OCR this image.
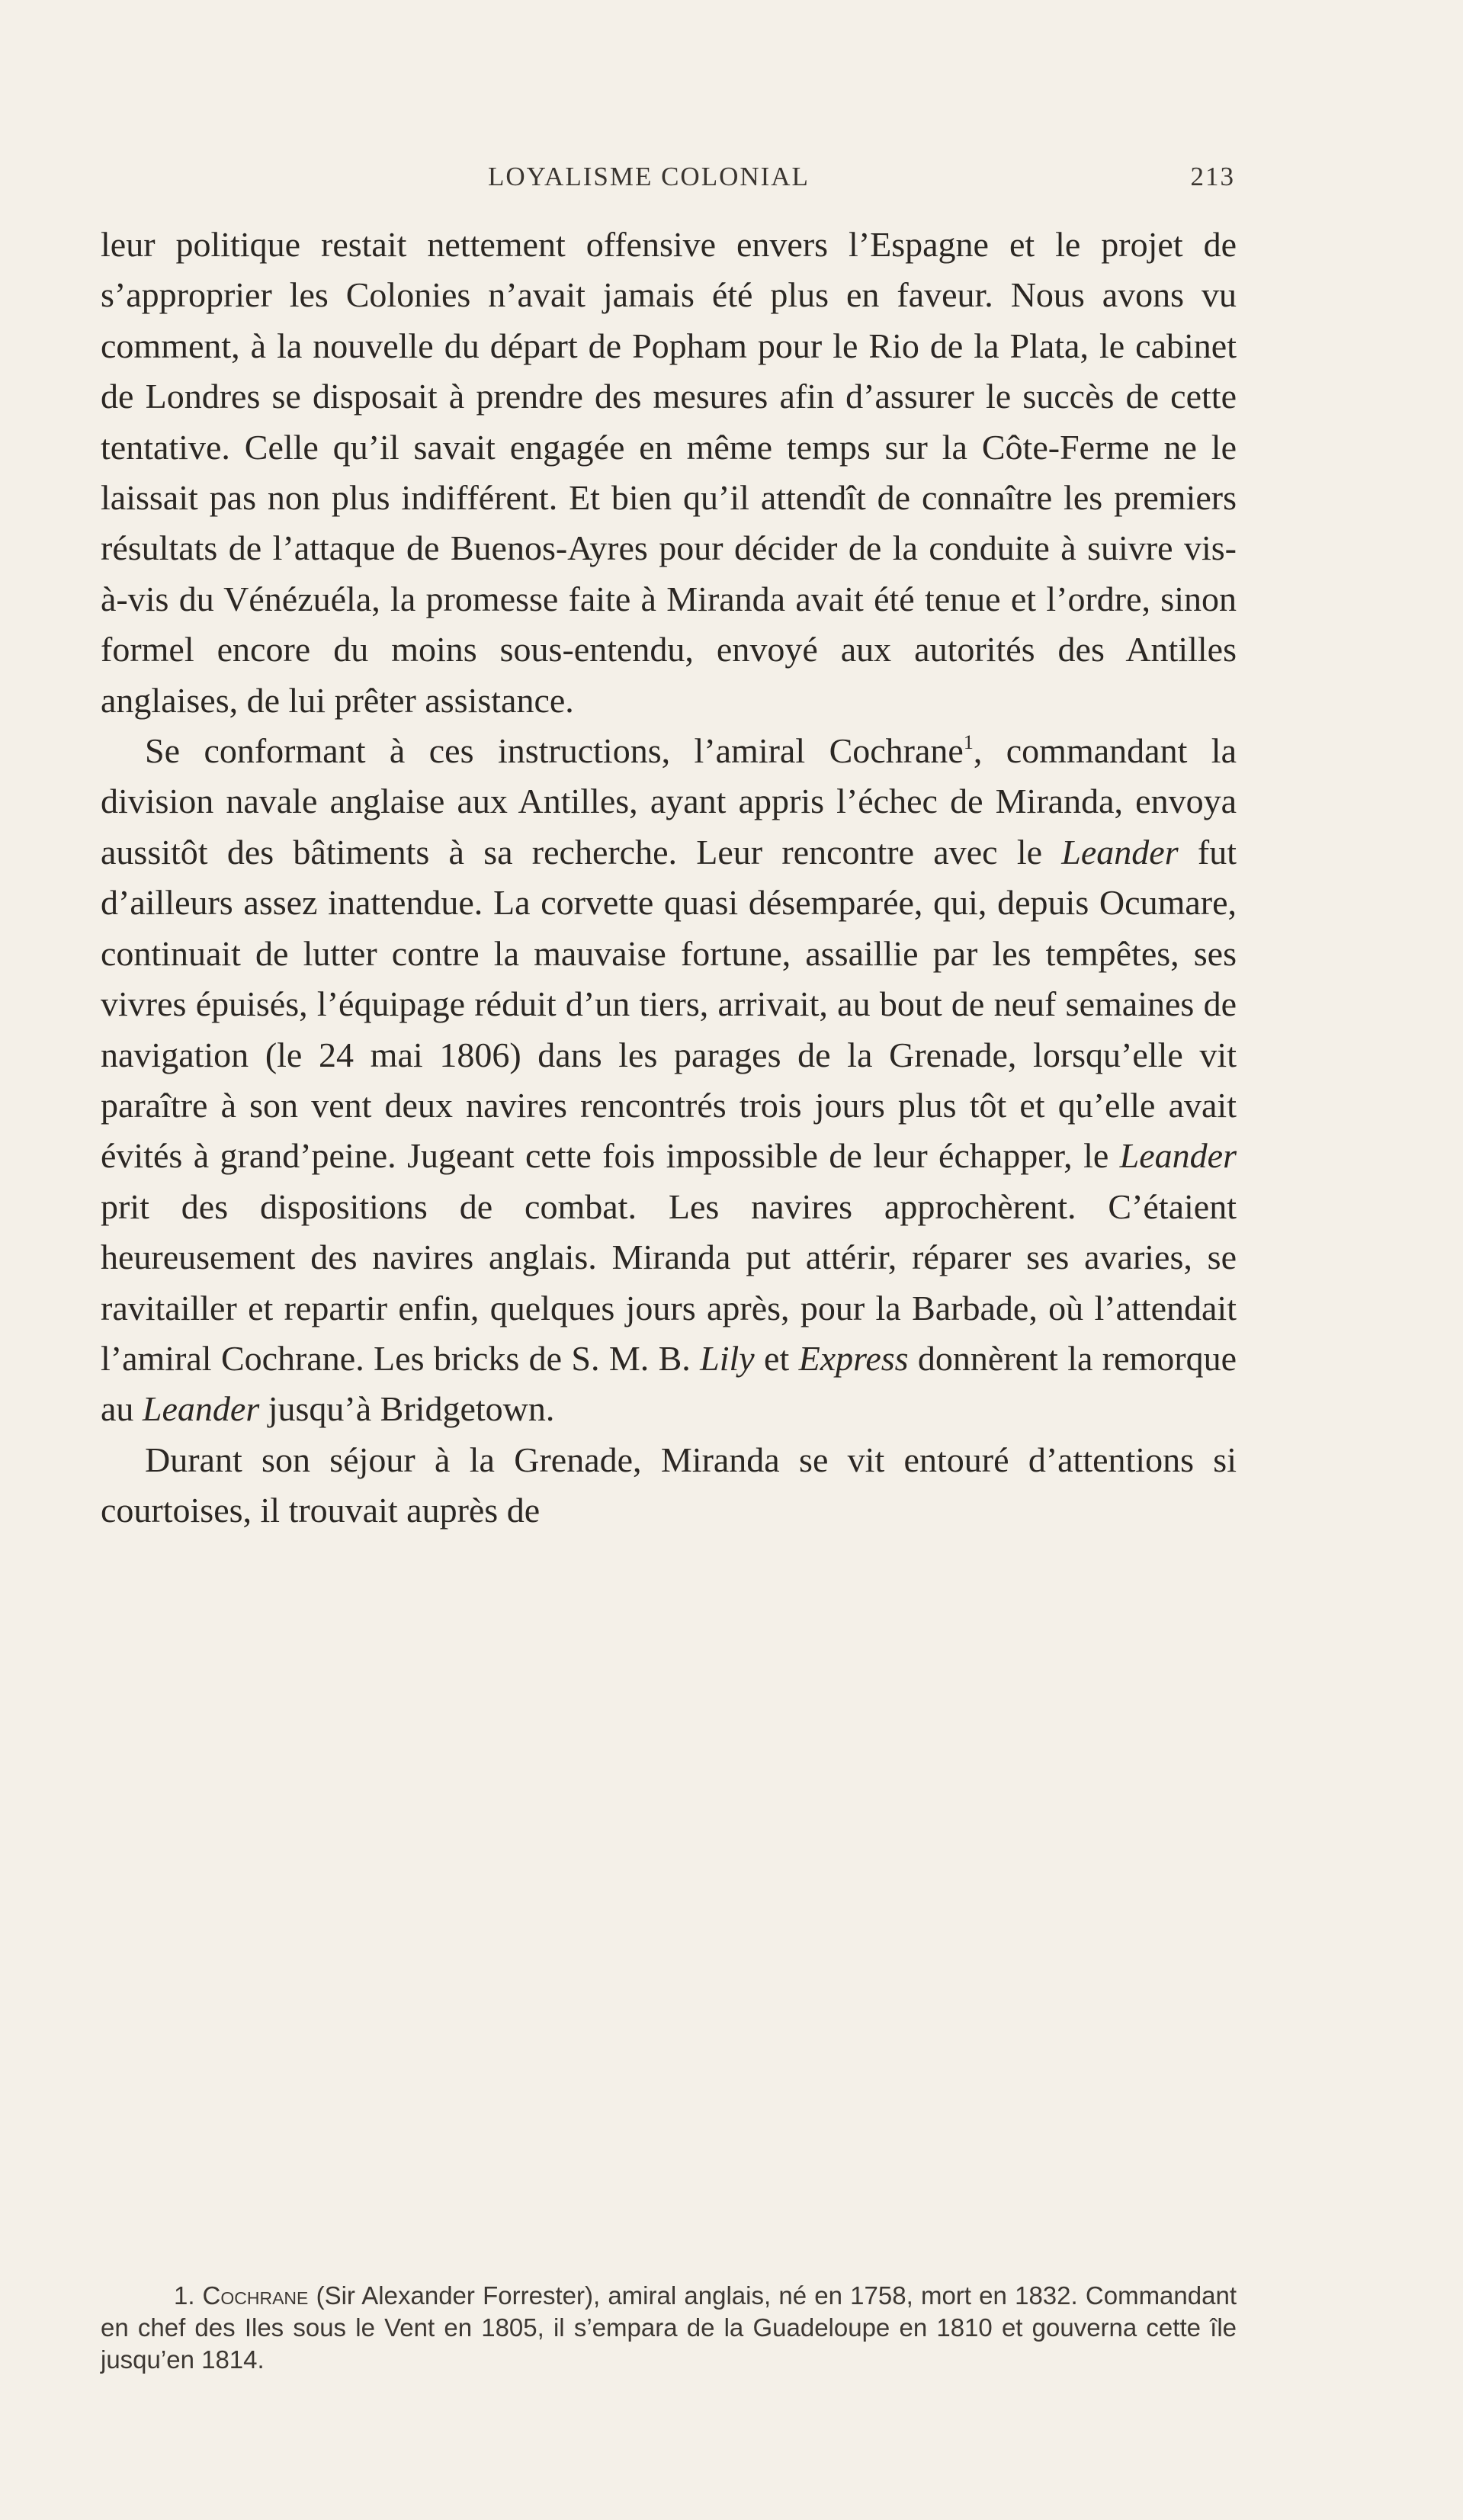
LOYALISME COLONIAL	213

leur politique restait nettement offensive envers l’Espagne et le projet de s’approprier les Colonies n’avait jamais été plus en faveur. Nous avons vu comment, à la nouvelle du départ de Popham pour le Rio de la Plata, le cabinet de Londres se disposait à prendre des mesures afin d’assurer le succès de cette tentative. Celle qu’il savait engagée en même temps sur la Côte-Ferme ne le laissait pas non plus indifférent. Et bien qu’il attendît de connaître les premiers résultats de l’attaque de Buenos-Ayres pour décider de la conduite à suivre vis-à-vis du Vénézuéla, la promesse faite à Miranda avait été tenue et l’ordre, sinon formel encore du moins sous-entendu, envoyé aux autorités des Antilles anglaises, de lui prêter assistance.

Se conformant à ces instructions, l’amiral Cochrane$^1$, commandant la division navale anglaise aux Antilles, ayant appris l’échec de Miranda, envoya aussitôt des bâtiments à sa recherche. Leur rencontre avec le Leander fut d’ailleurs assez inattendue. La corvette quasi désemparée, qui, depuis Ocumare, continuait de lutter contre la mauvaise fortune, assaillie par les tempêtes, ses vivres épuisés, l’équipage réduit d’un tiers, arrivait, au bout de neuf semaines de navigation (le 24 mai 1806) dans les parages de la Grenade, lorsqu’elle vit paraître à son vent deux navires rencontrés trois jours plus tôt et qu’elle avait évités à grand’peine. Jugeant cette fois impossible de leur échapper, le Leander prit des dispositions de combat. Les navires approchèrent. C’étaient heureusement des navires anglais. Miranda put attérir, réparer ses avaries, se ravitailler et repartir enfin, quelques jours après, pour la Barbade, où l’attendait l’amiral Cochrane. Les bricks de S. M. B. Lily et Express donnèrent la remorque au Leander jusqu’à Bridgetown.

Durant son séjour à la Grenade, Miranda se vit entouré d’attentions si courtoises, il trouvait auprès de

1. Cochrane (Sir Alexander Forrester), amiral anglais, né en 1758, mort en 1832. Commandant en chef des Iles sous le Vent en 1805, il s’empara de la Guadeloupe en 1810 et gouverna cette île jusqu’en 1814.
